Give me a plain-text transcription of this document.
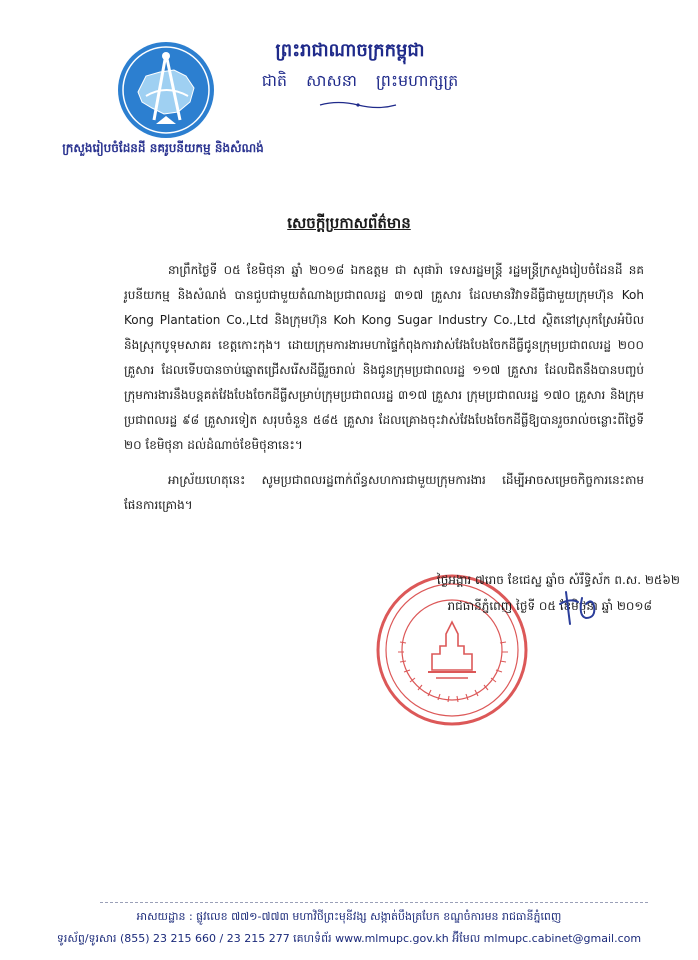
ក្រសួងរៀបចំដែនដី នគរូបនីយកម្ម និងសំណង់
ព្រះរាជាណាចក្រកម្ពុជា
ជាតិ សាសនា ព្រះមហាក្សត្រ
សេចក្តីប្រកាសព័ត៌មាន

នាព្រឹកថ្ងៃទី ០៥ ខែមិថុនា ឆ្នាំ ២០១៨ ឯកឧត្តម ជា សុផារ៉ា ទេសរដ្ឋមន្ត្រី រដ្ឋមន្ត្រីក្រសួងរៀបចំដែនដី នគរូបនីយកម្ម និងសំណង់ បានជួបជាមួយតំណាងប្រជាពលរដ្ឋ ៣១៧ គ្រួសារ ដែលមានវិវាទដីធ្លីជាមួយក្រុមហ៊ុន Koh Kong Plantation Co.,Ltd និងក្រុមហ៊ុន Koh Kong Sugar Industry Co.,Ltd ស្ថិតនៅស្រុកស្រែអំបិល និងស្រុកបូទុមសាគរ ខេត្តកោះកុង។ ដោយក្រុមការងារមហាផ្ទៃកំពុងការវាស់វែងបែងចែកដីធ្លីជូនក្រុមប្រជាពលរដ្ឋ ២០០ គ្រួសារ ដែលទើបបានចាប់ឆ្នោតជ្រើសរើសដីធ្លីរួចរាល់ និងជូនក្រុមប្រជាពលរដ្ឋ ១១៧ គ្រួសារ ដែលជិតនឹងបានបញ្ចប់ ក្រុមការងារនឹងបន្តគត់វែងបែងចែកដីធ្លីសម្រាប់ក្រុមប្រជាពលរដ្ឋ ៣១៧ គ្រួសារ ក្រុមប្រជាពលរដ្ឋ ១៧០ គ្រួសារ និងក្រុមប្រជាពលរដ្ឋ ៩៨ គ្រួសារទៀត សរុបចំនួន ៥៨៥ គ្រួសារ ដែលគ្រោងចុះវាស់វែងបែងចែកដីធ្លីឱ្យបានរួចរាល់ចន្លោះពីថ្ងៃទី ២០ ខែមិថុនា ដល់ដំណាច់ខែមិថុនានេះ។

អាស្រ័យហេតុនេះ សូមប្រជាពលរដ្ឋពាក់ព័ន្ធសហការជាមួយក្រុមការងារ ដើម្បីអាចសម្រេចកិច្ចការនេះតាមផែនការគ្រោង។

ថ្ងៃអង្គារ ៧រោច ខែជេស្ឋ ឆ្នាំច សំរឹទ្ធិស័ក ព.ស. ២៥៦២
រាជធានីភ្នំពេញ ថ្ងៃទី ០៥ ខែមិថុនា ឆ្នាំ ២០១៨
អាសយដ្ឋាន : ផ្លូវលេខ ៧៧១-៧៧៣ មហាវិថីព្រះមុនីវង្ស សង្កាត់បឹងត្របែក ខណ្ឌចំការមន រាជធានីភ្នំពេញ
ទូរស័ព្ទ/ទូរសារ (855) 23 215 660 / 23 215 277 គេហទំព័រ www.mlmupc.gov.kh អ៊ីមែល mlmupc.cabinet@gmail.com
